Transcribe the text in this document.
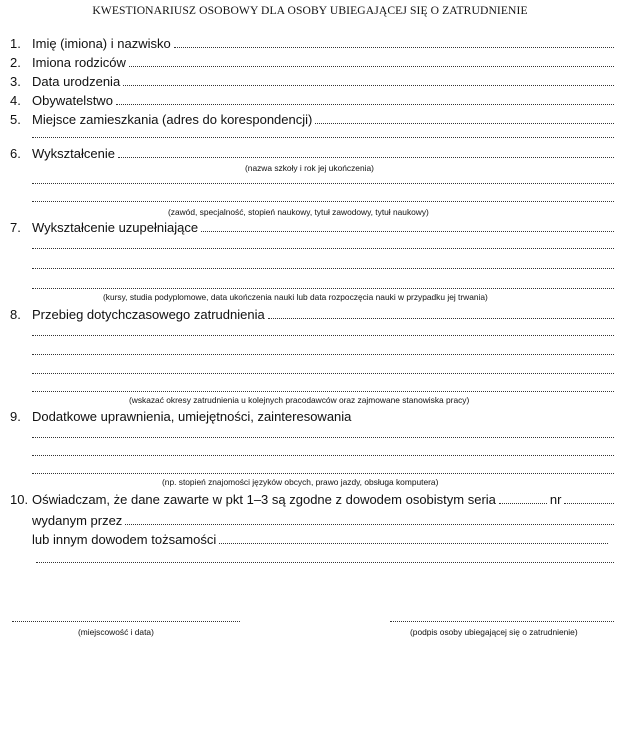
KWESTIONARIUSZ OSOBOWY DLA OSOBY UBIEGAJĄCEJ SIĘ O ZATRUDNIENIE
1. Imię (imiona) i nazwisko
2. Imiona rodziców
3. Data urodzenia
4. Obywatelstwo
5. Miejsce zamieszkania (adres do korespondencji)
6. Wykształcenie
(nazwa szkoły i rok jej ukończenia)
(zawód, specjalność, stopień naukowy, tytuł zawodowy, tytuł naukowy)
7. Wykształcenie uzupełniające
(kursy, studia podyplomowe, data ukończenia nauki lub data rozpoczęcia nauki w przypadku jej trwania)
8. Przebieg dotychczasowego zatrudnienia
(wskazać okresy zatrudnienia u kolejnych pracodawców oraz zajmowane stanowiska pracy)
9. Dodatkowe uprawnienia, umiejętności, zainteresowania
(np. stopień znajomości języków obcych, prawo jazdy, obsługa komputera)
10. Oświadczam, że dane zawarte w pkt 1–3 są zgodne z dowodem osobistym seria	nr
wydanym przez
lub innym dowodem tożsamości
(miejscowość i data)	(podpis osoby ubiegającej się o zatrudnienie)
